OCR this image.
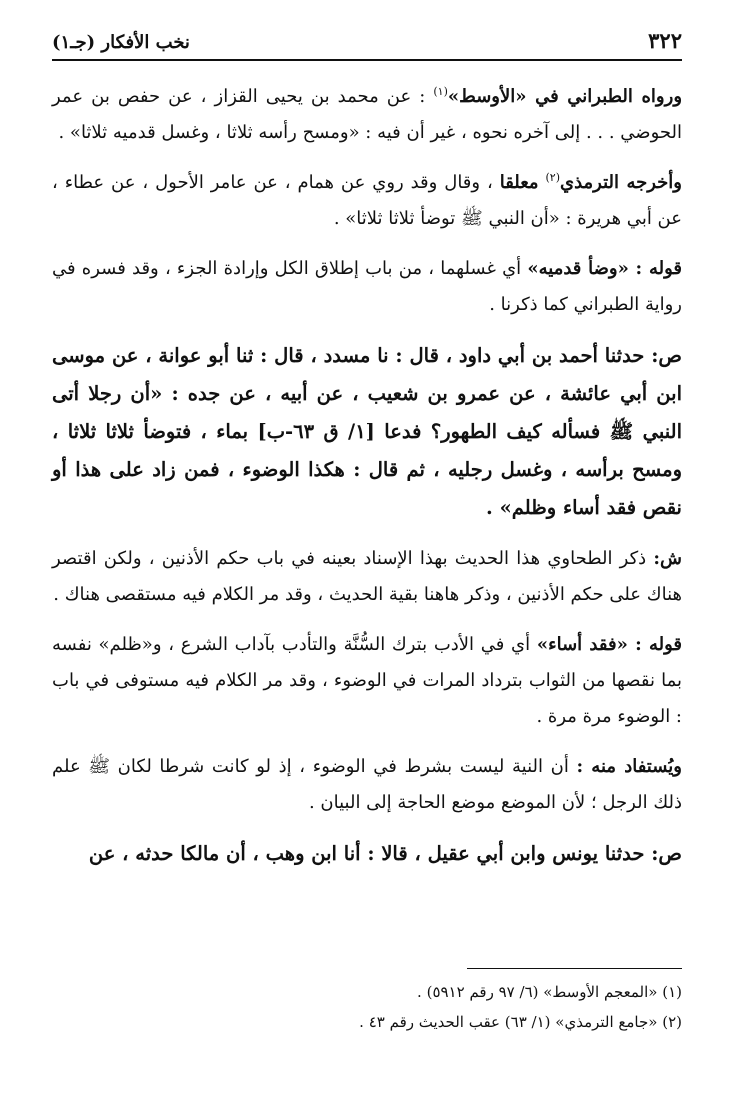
٣٢٢
نخب الأفكار (جـ١)

ورواه الطبراني في «الأوسط»$^{(١)}$ : عن محمد بن يحيى القزاز ، عن حفص بن عمر الحوضي . . . إلى آخره نحوه ، غير أن فيه : «ومسح رأسه ثلاثا ، وغسل قدميه ثلاثا» .

وأخرجه الترمذي$^{(٢)}$ معلقا ، وقال وقد روي عن همام ، عن عامر الأحول ، عن عطاء ، عن أبي هريرة : «أن النبي ﷺ توضأ ثلاثا ثلاثا» .

قوله : «وضأ قدميه» أي غسلهما ، من باب إطلاق الكل وإرادة الجزء ، وقد فسره في رواية الطبراني كما ذكرنا .

ص: حدثنا أحمد بن أبي داود ، قال : نا مسدد ، قال : ثنا أبو عوانة ، عن موسى ابن أبي عائشة ، عن عمرو بن شعيب ، عن أبيه ، عن جده : «أن رجلا أتى النبي ﷺ فسأله كيف الطهور؟ فدعا [١/ ق ٦٣-ب] بماء ، فتوضأ ثلاثا ثلاثا ، ومسح برأسه ، وغسل رجليه ، ثم قال : هكذا الوضوء ، فمن زاد على هذا أو نقص فقد أساء وظلم» .

ش: ذكر الطحاوي هذا الحديث بهذا الإسناد بعينه في باب حكم الأذنين ، ولكن اقتصر هناك على حكم الأذنين ، وذكر هاهنا بقية الحديث ، وقد مر الكلام فيه مستقصى هناك .

قوله : «فقد أساء» أي في الأدب بترك السُّنَّة والتأدب بآداب الشرع ، و«ظلم» نفسه بما نقصها من الثواب بترداد المرات في الوضوء ، وقد مر الكلام فيه مستوفى في باب : الوضوء مرة مرة .

ويُستفاد منه : أن النية ليست بشرط في الوضوء ، إذ لو كانت شرطا لكان ﷺ علم ذلك الرجل ؛ لأن الموضع موضع الحاجة إلى البيان .

ص: حدثنا يونس وابن أبي عقيل ، قالا : أنا ابن وهب ، أن مالكا حدثه ، عن

(١) «المعجم الأوسط» (٦/ ٩٧ رقم ٥٩١٢) .
(٢) «جامع الترمذي» (١/ ٦٣) عقب الحديث رقم ٤٣ .
